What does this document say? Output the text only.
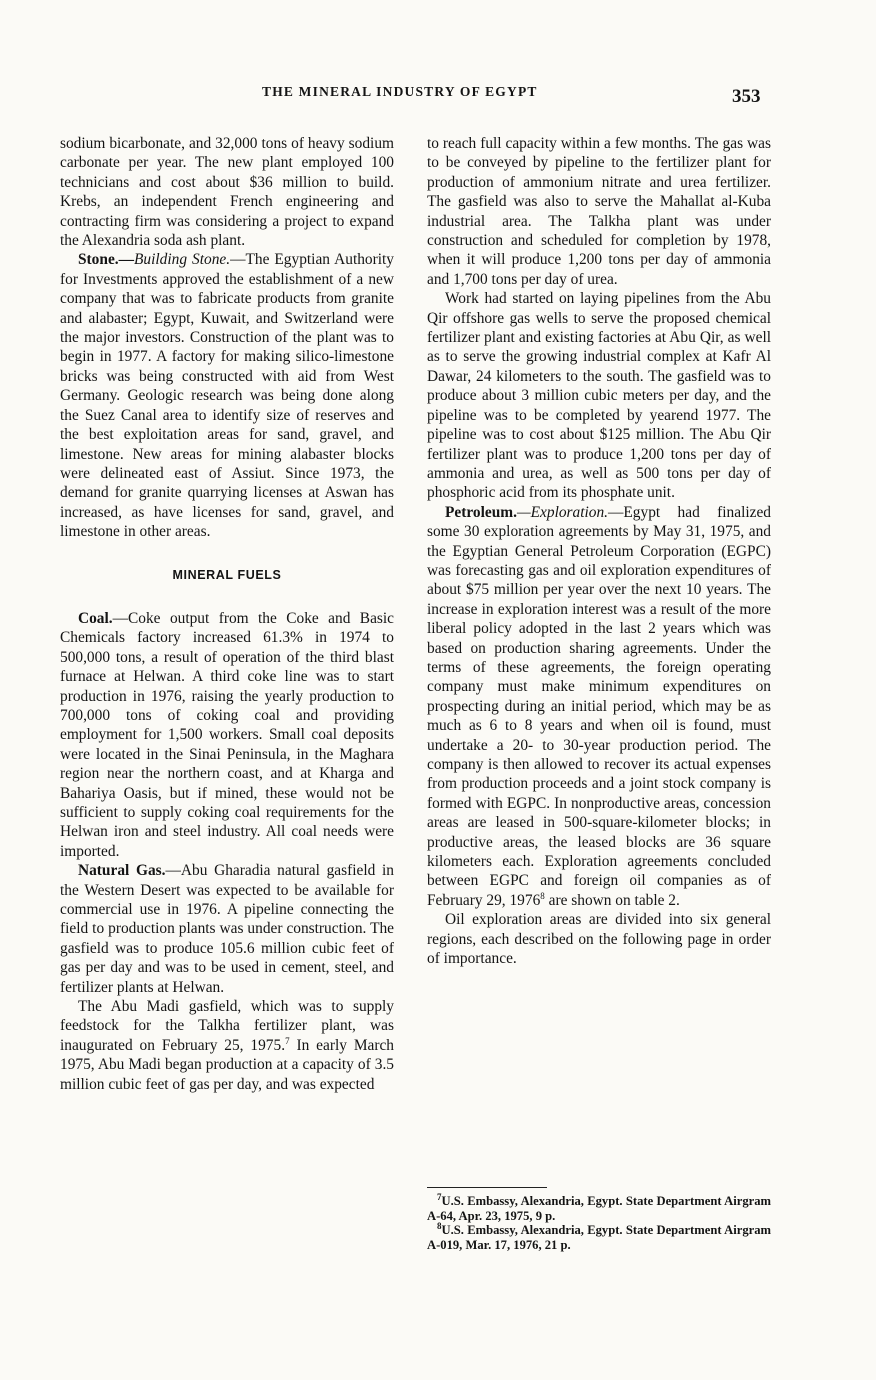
THE MINERAL INDUSTRY OF EGYPT	353

sodium bicarbonate, and 32,000 tons of heavy sodium carbonate per year. The new plant employed 100 technicians and cost about $36 million to build. Krebs, an independent French engineering and contracting firm was considering a project to expand the Alexandria soda ash plant.

Stone.—Building Stone.—The Egyptian Authority for Investments approved the establishment of a new company that was to fabricate products from granite and alabaster; Egypt, Kuwait, and Switzerland were the major investors. Construction of the plant was to begin in 1977. A factory for making silico-limestone bricks was being constructed with aid from West Germany. Geologic research was being done along the Suez Canal area to identify size of reserves and the best exploitation areas for sand, gravel, and limestone. New areas for mining alabaster blocks were delineated east of Assiut. Since 1973, the demand for granite quarrying licenses at Aswan has increased, as have licenses for sand, gravel, and limestone in other areas.

MINERAL FUELS

Coal.—Coke output from the Coke and Basic Chemicals factory increased 61.3% in 1974 to 500,000 tons, a result of operation of the third blast furnace at Helwan. A third coke line was to start production in 1976, raising the yearly production to 700,000 tons of coking coal and providing employment for 1,500 workers. Small coal deposits were located in the Sinai Peninsula, in the Maghara region near the northern coast, and at Kharga and Bahariya Oasis, but if mined, these would not be sufficient to supply coking coal requirements for the Helwan iron and steel industry. All coal needs were imported.

Natural Gas.—Abu Gharadia natural gasfield in the Western Desert was expected to be available for commercial use in 1976. A pipeline connecting the field to production plants was under construction. The gasfield was to produce 105.6 million cubic feet of gas per day and was to be used in cement, steel, and fertilizer plants at Helwan.

The Abu Madi gasfield, which was to supply feedstock for the Talkha fertilizer plant, was inaugurated on February 25, 1975.$^7$ In early March 1975, Abu Madi began production at a capacity of 3.5 million cubic feet of gas per day, and was expected

to reach full capacity within a few months. The gas was to be conveyed by pipeline to the fertilizer plant for production of ammonium nitrate and urea fertilizer. The gasfield was also to serve the Mahallat al-Kuba industrial area. The Talkha plant was under construction and scheduled for completion by 1978, when it will produce 1,200 tons per day of ammonia and 1,700 tons per day of urea.

Work had started on laying pipelines from the Abu Qir offshore gas wells to serve the proposed chemical fertilizer plant and existing factories at Abu Qir, as well as to serve the growing industrial complex at Kafr Al Dawar, 24 kilometers to the south. The gasfield was to produce about 3 million cubic meters per day, and the pipeline was to be completed by yearend 1977. The pipeline was to cost about $125 million. The Abu Qir fertilizer plant was to produce 1,200 tons per day of ammonia and urea, as well as 500 tons per day of phosphoric acid from its phosphate unit.

Petroleum.—Exploration.—Egypt had finalized some 30 exploration agreements by May 31, 1975, and the Egyptian General Petroleum Corporation (EGPC) was forecasting gas and oil exploration expenditures of about $75 million per year over the next 10 years. The increase in exploration interest was a result of the more liberal policy adopted in the last 2 years which was based on production sharing agreements. Under the terms of these agreements, the foreign operating company must make minimum expenditures on prospecting during an initial period, which may be as much as 6 to 8 years and when oil is found, must undertake a 20- to 30-year production period. The company is then allowed to recover its actual expenses from production proceeds and a joint stock company is formed with EGPC. In nonproductive areas, concession areas are leased in 500-square-kilometer blocks; in productive areas, the leased blocks are 36 square kilometers each. Exploration agreements concluded between EGPC and foreign oil companies as of February 29, 1976$^8$ are shown on table 2.

Oil exploration areas are divided into six general regions, each described on the following page in order of importance.

$^7$U.S. Embassy, Alexandria, Egypt. State Department Airgram A-64, Apr. 23, 1975, 9 p.

$^8$U.S. Embassy, Alexandria, Egypt. State Department Airgram A-019, Mar. 17, 1976, 21 p.
